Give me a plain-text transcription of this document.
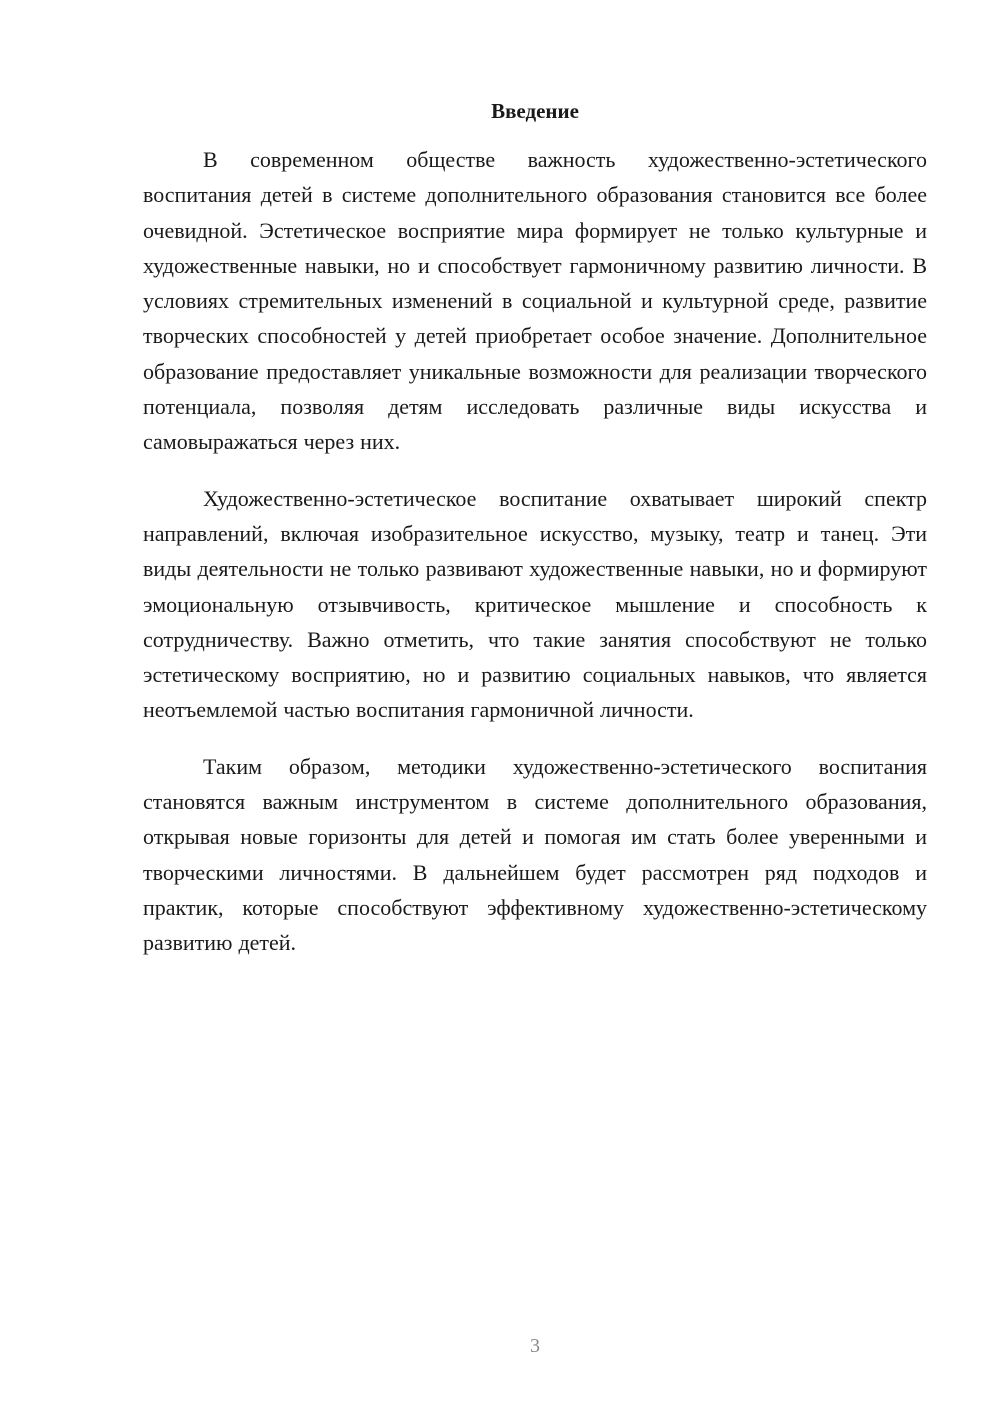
Введение

В современном обществе важность художественно-эстетического воспитания детей в системе дополнительного образования становится все более очевидной. Эстетическое восприятие мира формирует не только культурные и художественные навыки, но и способствует гармоничному развитию личности. В условиях стремительных изменений в социальной и культурной среде, развитие творческих способностей у детей приобретает особое значение. Дополнительное образование предоставляет уникальные возможности для реализации творческого потенциала, позволяя детям исследовать различные виды искусства и самовыражаться через них.

Художественно-эстетическое воспитание охватывает широкий спектр направлений, включая изобразительное искусство, музыку, театр и танец. Эти виды деятельности не только развивают художественные навыки, но и формируют эмоциональную отзывчивость, критическое мышление и способность к сотрудничеству. Важно отметить, что такие занятия способствуют не только эстетическому восприятию, но и развитию социальных навыков, что является неотъемлемой частью воспитания гармоничной личности.

Таким образом, методики художественно-эстетического воспитания становятся важным инструментом в системе дополнительного образования, открывая новые горизонты для детей и помогая им стать более уверенными и творческими личностями. В дальнейшем будет рассмотрен ряд подходов и практик, которые способствуют эффективному художественно-эстетическому развитию детей.

3
